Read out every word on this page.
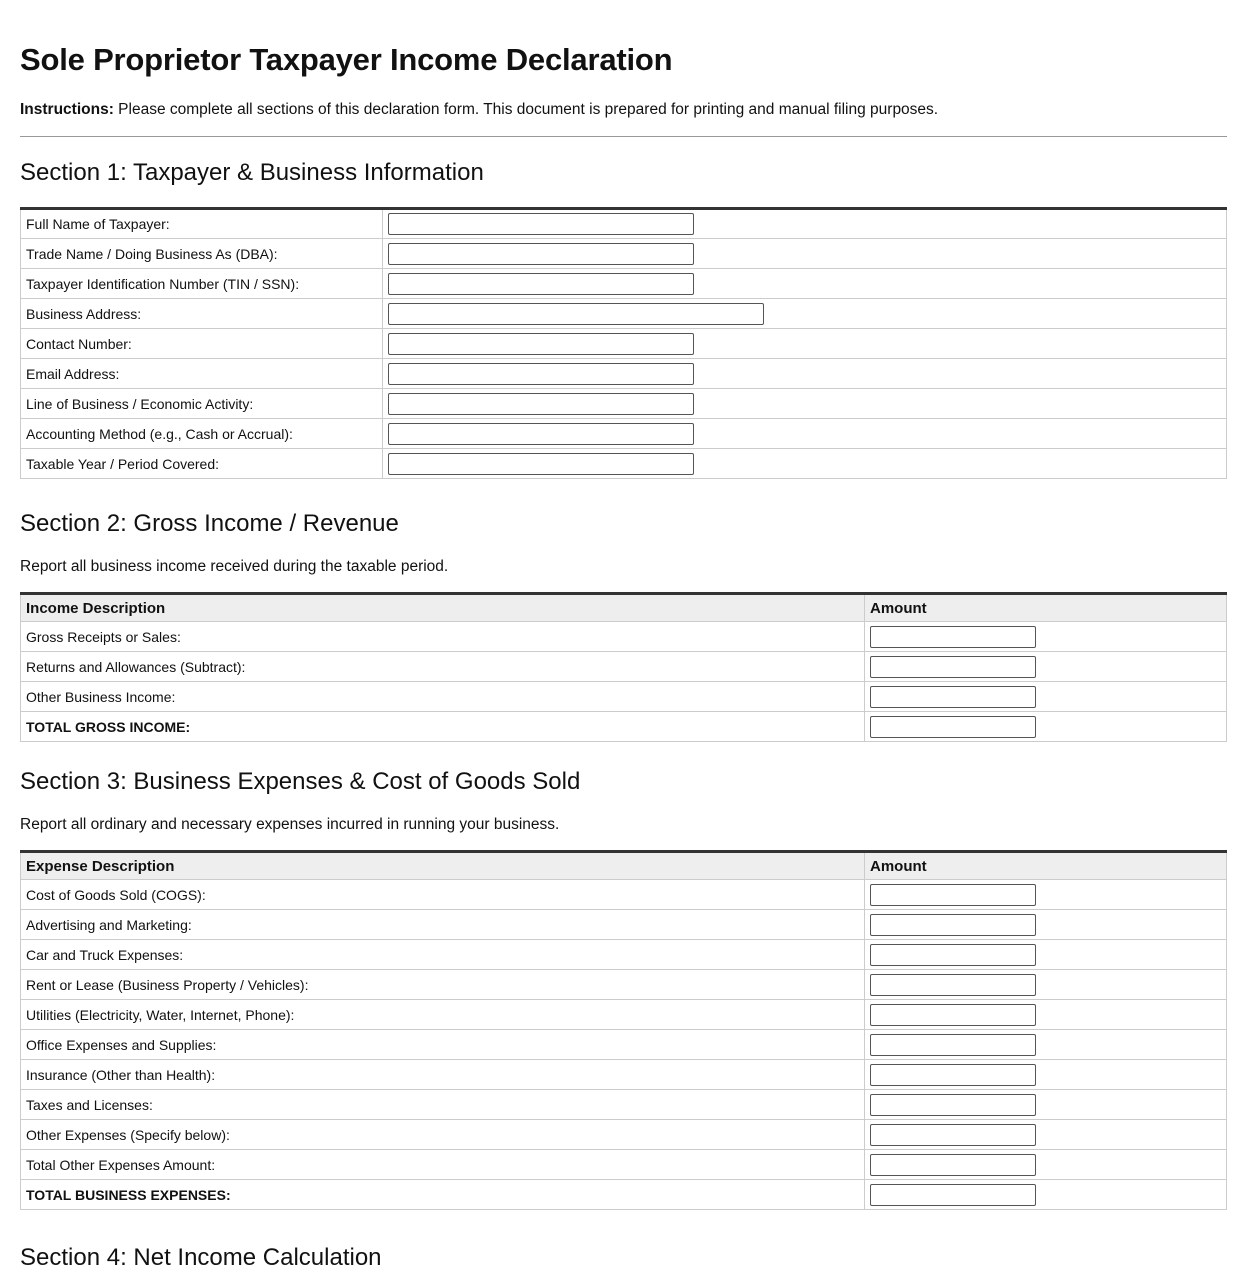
Sole Proprietor Taxpayer Income Declaration

Instructions: Please complete all sections of this declaration form. This document is prepared for printing and manual filing purposes.

Section 1: Taxpayer & Business Information
Full Name of Taxpayer:	

Trade Name / Doing Business As (DBA):	

Taxpayer Identification Number (TIN / SSN):	

Business Address:	

Contact Number:	

Email Address:	

Line of Business / Economic Activity:	

Accounting Method (e.g., Cash or Accrual):	

Taxable Year / Period Covered:	
Section 2: Gross Income / Revenue

Report all business income received during the taxable period.

Income Description	Amount
Gross Receipts or Sales:	

Returns and Allowances (Subtract):	

Other Business Income:	

TOTAL GROSS INCOME:	
Section 3: Business Expenses & Cost of Goods Sold

Report all ordinary and necessary expenses incurred in running your business.

Expense Description	Amount
Cost of Goods Sold (COGS):	

Advertising and Marketing:	

Car and Truck Expenses:	

Rent or Lease (Business Property / Vehicles):	

Utilities (Electricity, Water, Internet, Phone):	

Office Expenses and Supplies:	

Insurance (Other than Health):	

Taxes and Licenses:	

Other Expenses (Specify below):	

Total Other Expenses Amount:	

TOTAL BUSINESS EXPENSES:	
Section 4: Net Income Calculation
